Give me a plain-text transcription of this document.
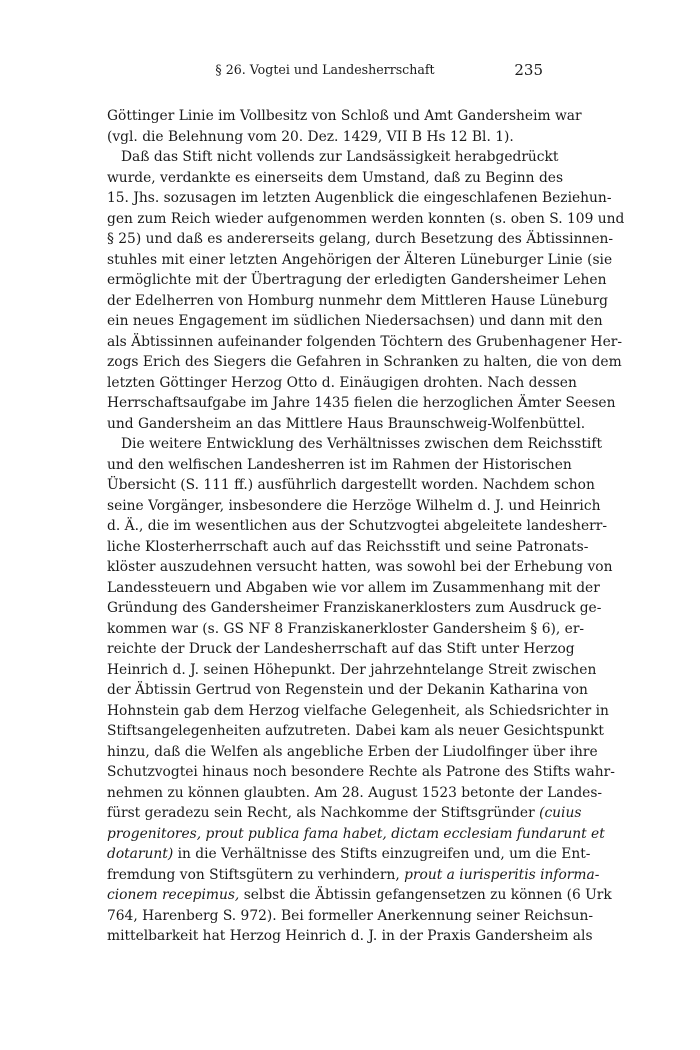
§ 26. Vogtei und Landesherrschaft	235
Göttinger Linie im Vollbesitz von Schloß und Amt Gandersheim war
(vgl. die Belehnung vom 20. Dez. 1429, VII B Hs 12 Bl. 1).
Daß das Stift nicht vollends zur Landsässigkeit herabgedrückt
wurde, verdankte es einerseits dem Umstand, daß zu Beginn des
15. Jhs. sozusagen im letzten Augenblick die eingeschlafenen Beziehun-
gen zum Reich wieder aufgenommen werden konnten (s. oben S. 109 und
§ 25) und daß es andererseits gelang, durch Besetzung des Äbtissinnen-
stuhles mit einer letzten Angehörigen der Älteren Lüneburger Linie (sie
ermöglichte mit der Übertragung der erledigten Gandersheimer Lehen
der Edelherren von Homburg nunmehr dem Mittleren Hause Lüneburg
ein neues Engagement im südlichen Niedersachsen) und dann mit den
als Äbtissinnen aufeinander folgenden Töchtern des Grubenhagener Her-
zogs Erich des Siegers die Gefahren in Schranken zu halten, die von dem
letzten Göttinger Herzog Otto d. Einäugigen drohten. Nach dessen
Herrschaftsaufgabe im Jahre 1435 fielen die herzoglichen Ämter Seesen
und Gandersheim an das Mittlere Haus Braunschweig-Wolfenbüttel.
Die weitere Entwicklung des Verhältnisses zwischen dem Reichsstift
und den welfischen Landesherren ist im Rahmen der Historischen
Übersicht (S. 111 ff.) ausführlich dargestellt worden. Nachdem schon
seine Vorgänger, insbesondere die Herzöge Wilhelm d. J. und Heinrich
d. Ä., die im wesentlichen aus der Schutzvogtei abgeleitete landesherr-
liche Klosterherrschaft auch auf das Reichsstift und seine Patronats-
klöster auszudehnen versucht hatten, was sowohl bei der Erhebung von
Landessteuern und Abgaben wie vor allem im Zusammenhang mit der
Gründung des Gandersheimer Franziskanerklosters zum Ausdruck ge-
kommen war (s. GS NF 8 Franziskanerkloster Gandersheim § 6), er-
reichte der Druck der Landesherrschaft auf das Stift unter Herzog
Heinrich d. J. seinen Höhepunkt. Der jahrzehntelange Streit zwischen
der Äbtissin Gertrud von Regenstein und der Dekanin Katharina von
Hohnstein gab dem Herzog vielfache Gelegenheit, als Schiedsrichter in
Stiftsangelegenheiten aufzutreten. Dabei kam als neuer Gesichtspunkt
hinzu, daß die Welfen als angebliche Erben der Liudolfinger über ihre
Schutzvogtei hinaus noch besondere Rechte als Patrone des Stifts wahr-
nehmen zu können glaubten. Am 28. August 1523 betonte der Landes-
fürst geradezu sein Recht, als Nachkomme der Stiftsgründer (cuius
progenitores, prout publica fama habet, dictam ecclesiam fundarunt et
dotarunt) in die Verhältnisse des Stifts einzugreifen und, um die Ent-
fremdung von Stiftsgütern zu verhindern, prout a iurisperitis informa-
cionem recepimus, selbst die Äbtissin gefangensetzen zu können (6 Urk
764, Harenberg S. 972). Bei formeller Anerkennung seiner Reichsun-
mittelbarkeit hat Herzog Heinrich d. J. in der Praxis Gandersheim als
